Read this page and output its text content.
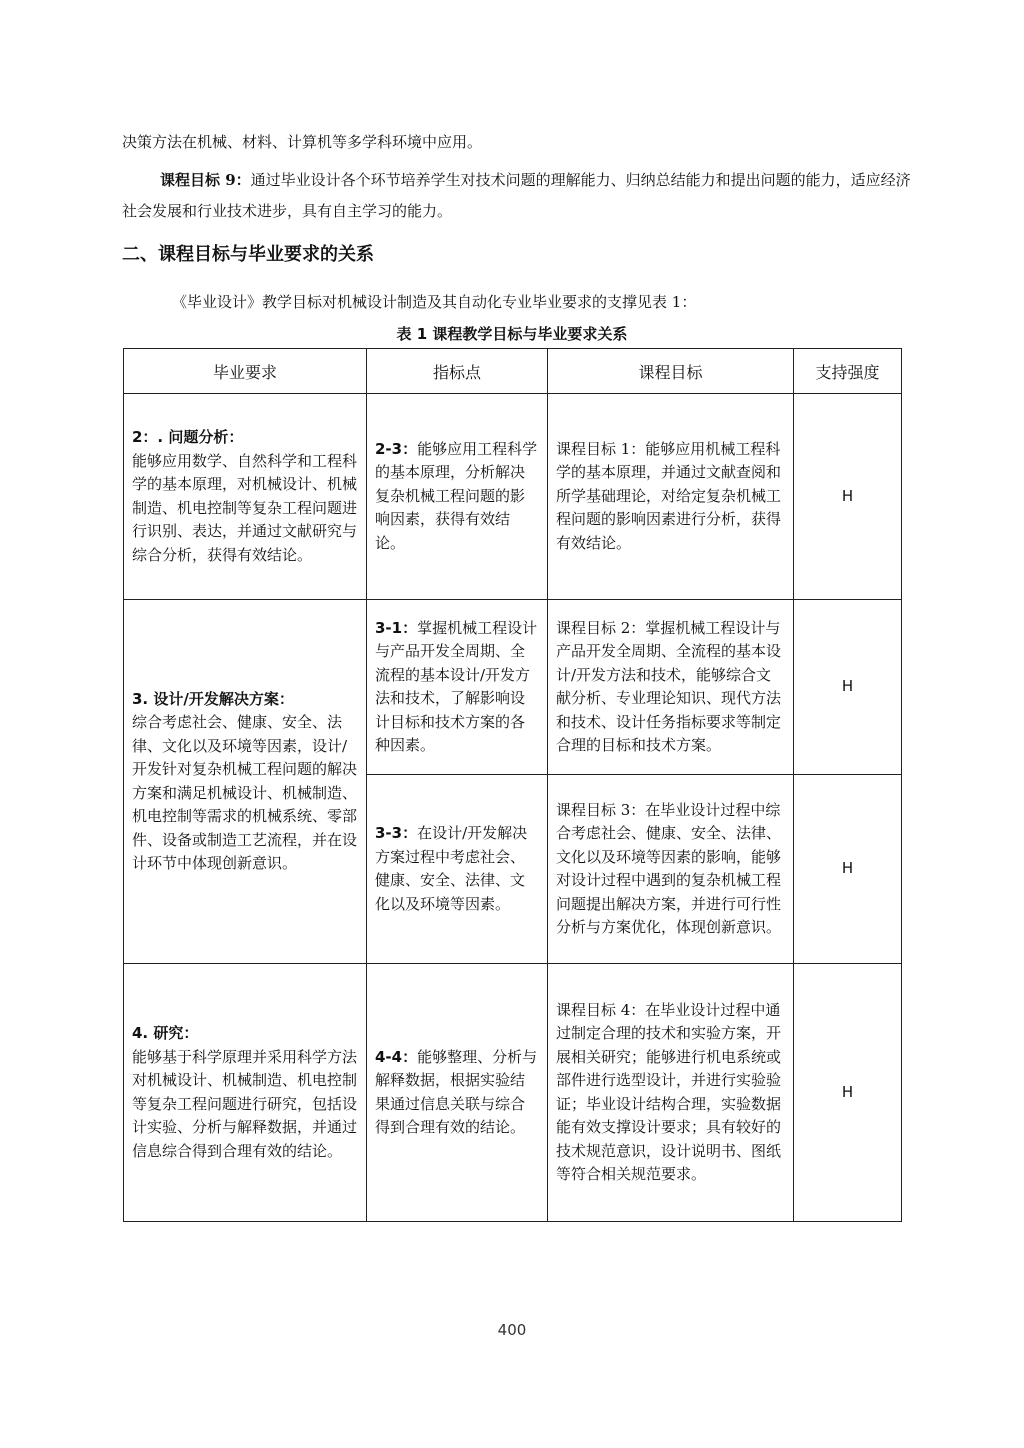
决策方法在机械、材料、计算机等多学科环境中应用。
课程目标 9：通过毕业设计各个环节培养学生对技术问题的理解能力、归纳总结能力和提出问题的能力，适应经济社会发展和行业技术进步，具有自主学习的能力。
二、课程目标与毕业要求的关系
《毕业设计》教学目标对机械设计制造及其自动化专业毕业要求的支撑见表 1：
表 1 课程教学目标与毕业要求关系
毕业要求	指标点	课程目标	支持强度

2：. 问题分析：
能够应用数学、自然科学和工程科学的基本原理，对机械设计、机械制造、机电控制等复杂工程问题进行识别、表达，并通过文献研究与综合分析，获得有效结论。	2-3：能够应用工程科学的基本原理，分析解决复杂机械工程问题的影响因素，获得有效结论。	课程目标 1：能够应用机械工程科学的基本原理，并通过文献查阅和所学基础理论，对给定复杂机械工程问题的影响因素进行分析，获得有效结论。	H

3. 设计/开发解决方案：
综合考虑社会、健康、安全、法律、文化以及环境等因素，设计/开发针对复杂机械工程问题的解决方案和满足机械设计、机械制造、机电控制等需求的机械系统、零部件、设备或制造工艺流程，并在设计环节中体现创新意识。	3-1：掌握机械工程设计与产品开发全周期、全流程的基本设计/开发方法和技术，了解影响设计目标和技术方案的各种因素。	课程目标 2：掌握机械工程设计与产品开发全周期、全流程的基本设计/开发方法和技术，能够综合文献分析、专业理论知识、现代方法和技术、设计任务指标要求等制定合理的目标和技术方案。	H
	3-3：在设计/开发解决方案过程中考虑社会、健康、安全、法律、文化以及环境等因素。	课程目标 3：在毕业设计过程中综合考虑社会、健康、安全、法律、文化以及环境等因素的影响，能够对设计过程中遇到的复杂机械工程问题提出解决方案，并进行可行性分析与方案优化，体现创新意识。	H

4. 研究：
能够基于科学原理并采用科学方法对机械设计、机械制造、机电控制等复杂工程问题进行研究，包括设计实验、分析与解释数据，并通过信息综合得到合理有效的结论。	4-4：能够整理、分析与解释数据，根据实验结果通过信息关联与综合得到合理有效的结论。	课程目标 4：在毕业设计过程中通过制定合理的技术和实验方案，开展相关研究；能够进行机电系统或部件进行选型设计，并进行实验验证；毕业设计结构合理，实验数据能有效支撑设计要求；具有较好的技术规范意识，设计说明书、图纸等符合相关规范要求。	H
400
